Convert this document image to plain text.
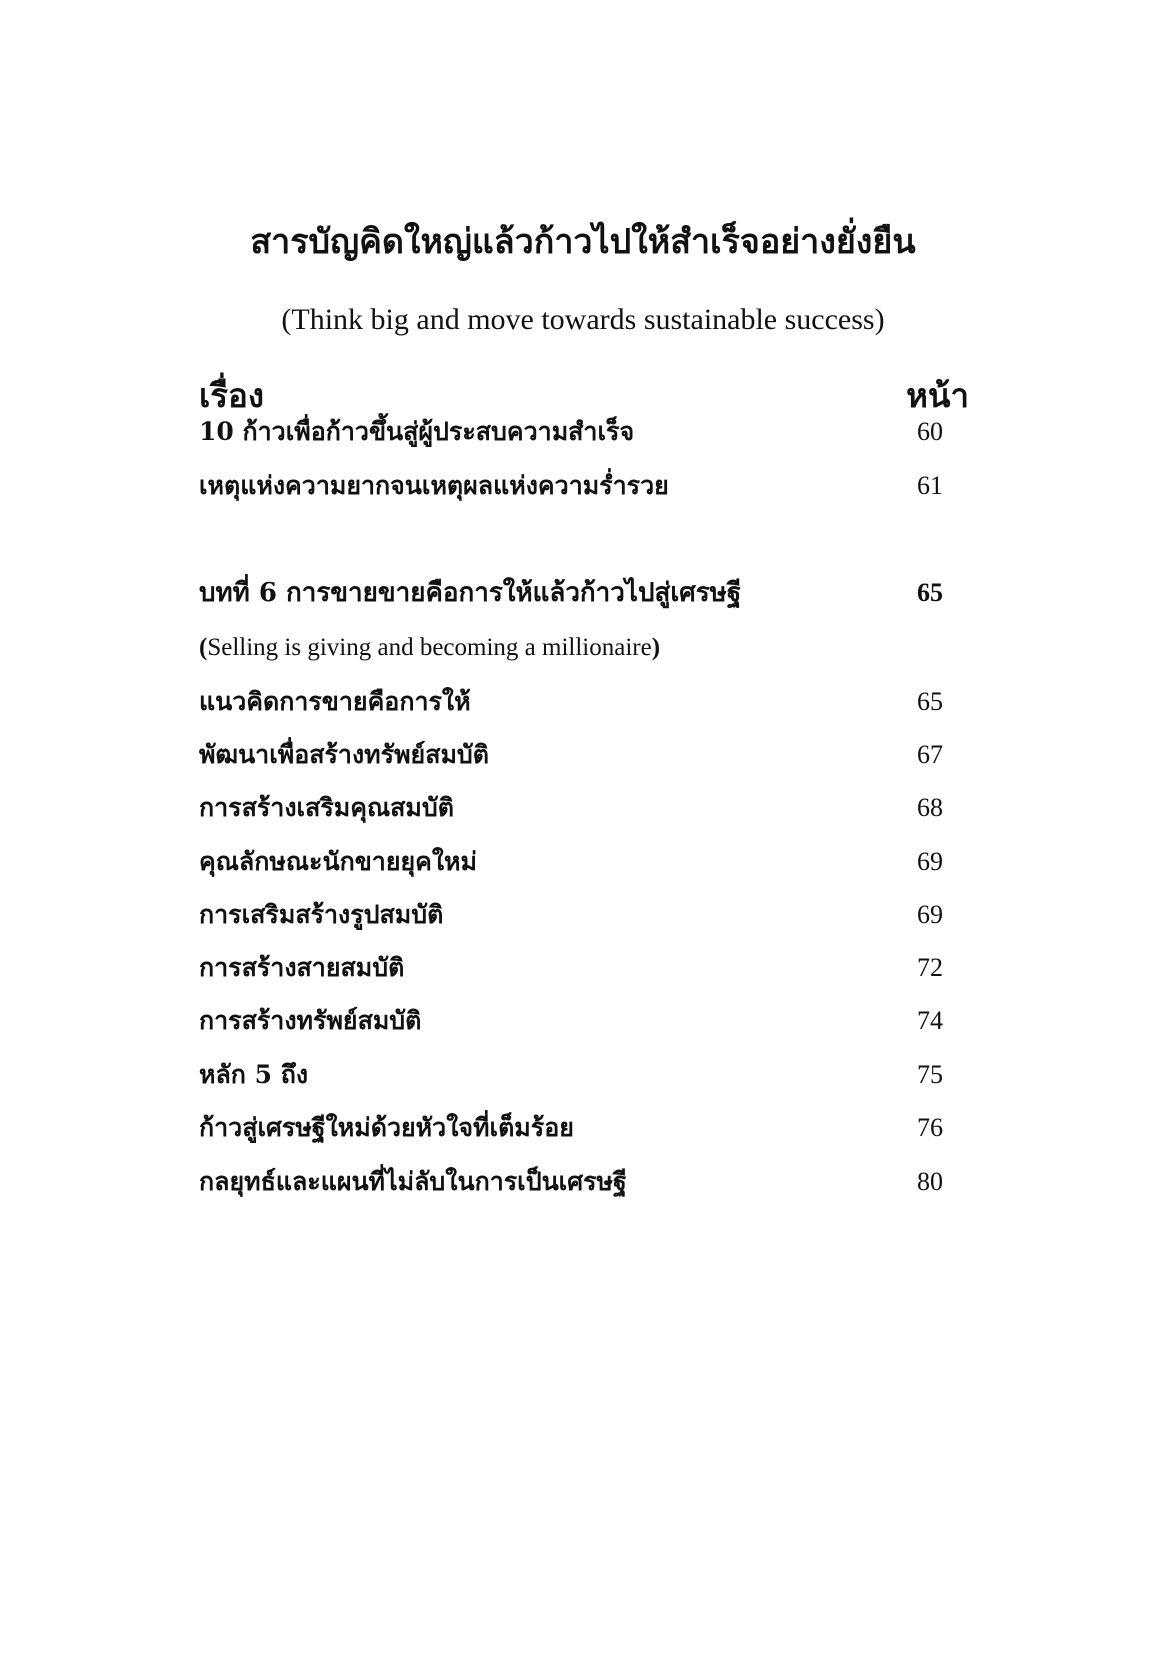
สารบัญคิดใหญ่แล้วก้าวไปให้สำเร็จอย่างยั่งยืน
(Think big and move towards sustainable success)
เรื่อง	หน้า
10 ก้าวเพื่อก้าวขึ้นสู่ผู้ประสบความสำเร็จ	60
เหตุแห่งความยากจนเหตุผลแห่งความร่ำรวย	61
บทที่ 6 การขายขายคือการให้แล้วก้าวไปสู่เศรษฐี	65
(Selling is giving and becoming a millionaire)
แนวคิดการขายคือการให้	65
พัฒนาเพื่อสร้างทรัพย์สมบัติ	67
การสร้างเสริมคุณสมบัติ	68
คุณลักษณะนักขายยุคใหม่	69
การเสริมสร้างรูปสมบัติ	69
การสร้างสายสมบัติ	72
การสร้างทรัพย์สมบัติ	74
หลัก 5 ถึง	75
ก้าวสู่เศรษฐีใหม่ด้วยหัวใจที่เต็มร้อย	76
กลยุทธ์และแผนที่ไม่ลับในการเป็นเศรษฐี	80
